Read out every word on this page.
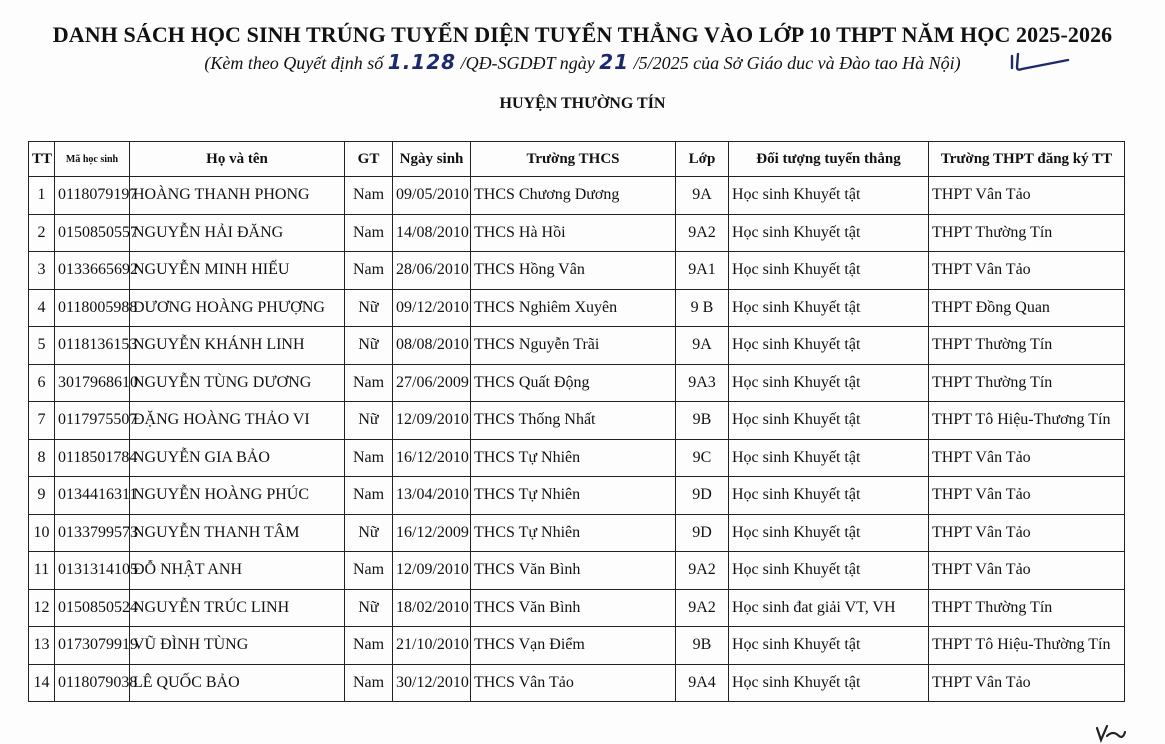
DANH SÁCH HỌC SINH TRÚNG TUYỂN DIỆN TUYỂN THẲNG VÀO LỚP 10 THPT NĂM HỌC 2025-2026
(Kèm theo Quyết định số 1.128 /QĐ-SGDĐT ngày 21 /5/2025 của Sở Giáo duc và Đào tao Hà Nội)
HUYỆN THƯỜNG TÍN
TT	Mã học sinh	Họ và tên	GT	Ngày sinh	Trường THCS	Lớp	Đối tượng tuyển thẳng	Trường THPT đăng ký TT
1	0118079197	HOÀNG THANH PHONG	Nam	09/05/2010	THCS Chương Dương	9A	Học sinh Khuyết tật	THPT Vân Tảo
2	0150850557	NGUYỄN HẢI ĐĂNG	Nam	14/08/2010	THCS Hà Hồi	9A2	Học sinh Khuyết tật	THPT Thường Tín
3	0133665692	NGUYỄN MINH HIẾU	Nam	28/06/2010	THCS Hồng Vân	9A1	Học sinh Khuyết tật	THPT Vân Tảo
4	0118005988	DƯƠNG HOÀNG PHƯỢNG	Nữ	09/12/2010	THCS Nghiêm Xuyên	9 B	Học sinh Khuyết tật	THPT Đồng Quan
5	0118136153	NGUYỄN KHÁNH LINH	Nữ	08/08/2010	THCS Nguyễn Trãi	9A	Học sinh Khuyết tật	THPT Thường Tín
6	3017968610	NGUYỄN TÙNG DƯƠNG	Nam	27/06/2009	THCS Quất Động	9A3	Học sinh Khuyết tật	THPT Thường Tín
7	0117975507	ĐẶNG HOÀNG THẢO VI	Nữ	12/09/2010	THCS Thống Nhất	9B	Học sinh Khuyết tật	THPT Tô Hiệu-Thương Tín
8	0118501784	NGUYỄN GIA BẢO	Nam	16/12/2010	THCS Tự Nhiên	9C	Học sinh Khuyết tật	THPT Vân Tảo
9	0134416311	NGUYỄN HOÀNG PHÚC	Nam	13/04/2010	THCS Tự Nhiên	9D	Học sinh Khuyết tật	THPT Vân Tảo
10	0133799573	NGUYỄN THANH TÂM	Nữ	16/12/2009	THCS Tự Nhiên	9D	Học sinh Khuyết tật	THPT Vân Tảo
11	0131314105	ĐỖ NHẬT ANH	Nam	12/09/2010	THCS Văn Bình	9A2	Học sinh Khuyết tật	THPT Vân Tảo
12	0150850524	NGUYỄN TRÚC LINH	Nữ	18/02/2010	THCS Văn Bình	9A2	Học sinh đat giải VT, VH	THPT Thường Tín
13	0173079919	VŨ ĐÌNH TÙNG	Nam	21/10/2010	THCS Vạn Điểm	9B	Học sinh Khuyết tật	THPT Tô Hiệu-Thường Tín
14	0118079038	LÊ QUỐC BẢO	Nam	30/12/2010	THCS Vân Tảo	9A4	Học sinh Khuyết tật	THPT Vân Tảo
